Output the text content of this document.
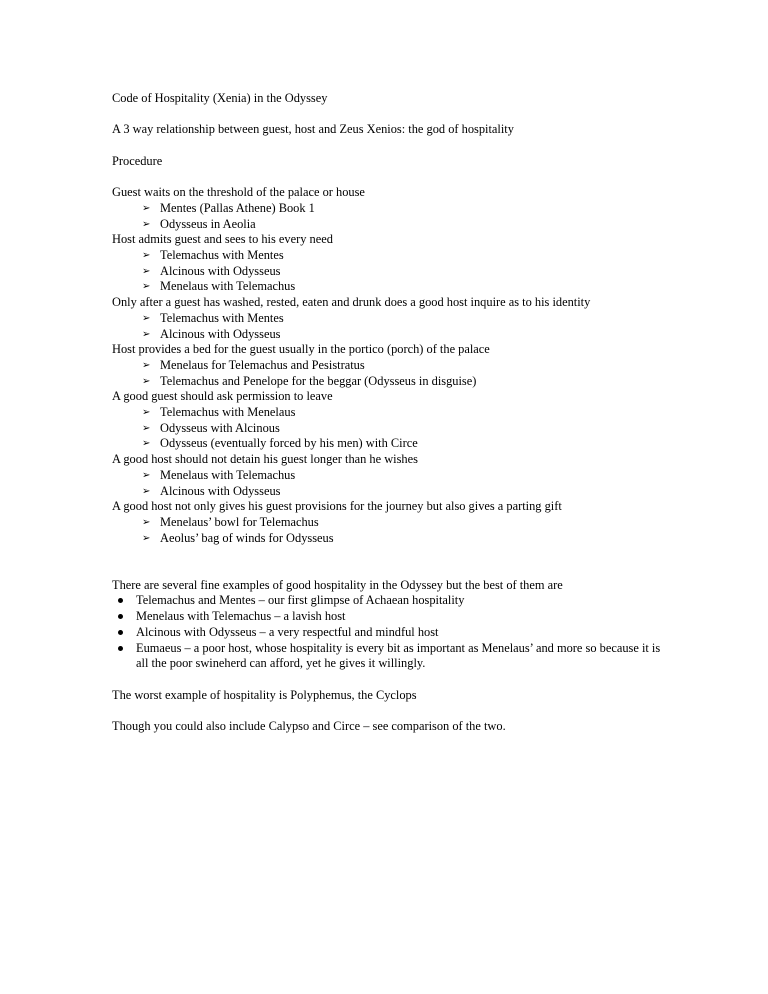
Code of Hospitality (Xenia) in the Odyssey
A 3 way relationship between guest, host and Zeus Xenios: the god of hospitality
Procedure
Guest waits on the threshold of the palace or house
➢ Mentes (Pallas Athene) Book 1
➢ Odysseus in Aeolia
Host admits guest and sees to his every need
➢ Telemachus with Mentes
➢ Alcinous with Odysseus
➢ Menelaus with Telemachus
Only after a guest has washed, rested, eaten and drunk does a good host inquire as to his identity
➢ Telemachus with Mentes
➢ Alcinous with Odysseus
Host provides a bed for the guest usually in the portico (porch) of the palace
➢ Menelaus for Telemachus and Pesistratus
➢ Telemachus and Penelope for the beggar (Odysseus in disguise)
A good guest should ask permission to leave
➢ Telemachus with Menelaus
➢ Odysseus with Alcinous
➢ Odysseus (eventually forced by his men) with Circe
A good host should not detain his guest longer than he wishes
➢ Menelaus with Telemachus
➢ Alcinous with Odysseus
A good host not only gives his guest provisions for the journey but also gives a parting gift
➢ Menelaus’ bowl for Telemachus
➢ Aeolus’ bag of winds for Odysseus
There are several fine examples of good hospitality in the Odyssey but the best of them are
Telemachus and Mentes – our first glimpse of Achaean hospitality
Menelaus with Telemachus – a lavish host
Alcinous with Odysseus – a very respectful and mindful host
Eumaeus – a poor host, whose hospitality is every bit as important as Menelaus’ and more so because it is all the poor swineherd can afford, yet he gives it willingly.
The worst example of hospitality is Polyphemus, the Cyclops
Though you could also include Calypso and Circe – see comparison of the two.
